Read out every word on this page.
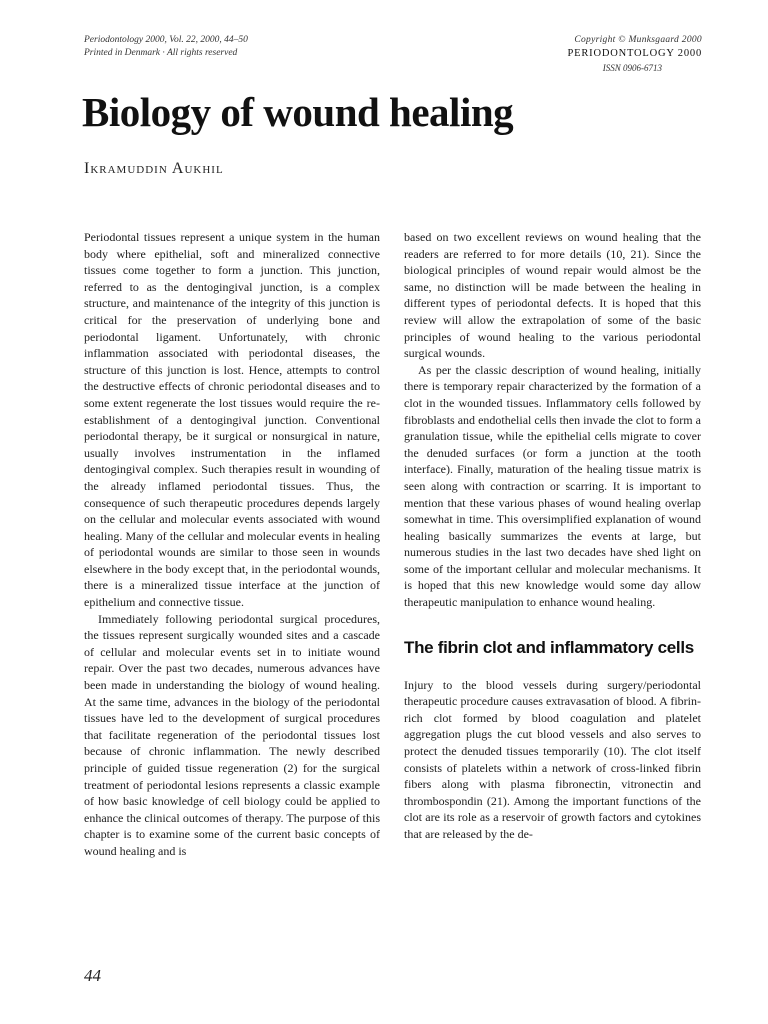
Periodontology 2000, Vol. 22, 2000, 44–50
Printed in Denmark · All rights reserved
Copyright © Munksgaard 2000
PERIODONTOLOGY 2000
ISSN 0906-6713
Biology of wound healing
Ikramuddin Aukhil

Periodontal tissues represent a unique system in the human body where epithelial, soft and mineralized connective tissues come together to form a junction. This junction, referred to as the dentogingival junction, is a complex structure, and maintenance of the integrity of this junction is critical for the preservation of underlying bone and periodontal ligament. Unfortunately, with chronic inflammation associated with periodontal diseases, the structure of this junction is lost. Hence, attempts to control the destructive effects of chronic periodontal diseases and to some extent regenerate the lost tissues would require the re-establishment of a dentogingival junction. Conventional periodontal therapy, be it surgical or nonsurgical in nature, usually involves instrumentation in the inflamed dentogingival complex. Such therapies result in wounding of the already inflamed periodontal tissues. Thus, the consequence of such therapeutic procedures depends largely on the cellular and molecular events associated with wound healing. Many of the cellular and molecular events in healing of periodontal wounds are similar to those seen in wounds elsewhere in the body except that, in the periodontal wounds, there is a mineralized tissue interface at the junction of epithelium and connective tissue.

Immediately following periodontal surgical procedures, the tissues represent surgically wounded sites and a cascade of cellular and molecular events set in to initiate wound repair. Over the past two decades, numerous advances have been made in understanding the biology of wound healing. At the same time, advances in the biology of the periodontal tissues have led to the development of surgical procedures that facilitate regeneration of the periodontal tissues lost because of chronic inflammation. The newly described principle of guided tissue regeneration (2) for the surgical treatment of periodontal lesions represents a classic example of how basic knowledge of cell biology could be applied to enhance the clinical outcomes of therapy. The purpose of this chapter is to examine some of the current basic concepts of wound healing and is

based on two excellent reviews on wound healing that the readers are referred to for more details (10, 21). Since the biological principles of wound repair would almost be the same, no distinction will be made between the healing in different types of periodontal defects. It is hoped that this review will allow the extrapolation of some of the basic principles of wound healing to the various periodontal surgical wounds.

As per the classic description of wound healing, initially there is temporary repair characterized by the formation of a clot in the wounded tissues. Inflammatory cells followed by fibroblasts and endothelial cells then invade the clot to form a granulation tissue, while the epithelial cells migrate to cover the denuded surfaces (or form a junction at the tooth interface). Finally, maturation of the healing tissue matrix is seen along with contraction or scarring. It is important to mention that these various phases of wound healing overlap somewhat in time. This oversimplified explanation of wound healing basically summarizes the events at large, but numerous studies in the last two decades have shed light on some of the important cellular and molecular mechanisms. It is hoped that this new knowledge would some day allow therapeutic manipulation to enhance wound healing.

The fibrin clot and inflammatory cells

Injury to the blood vessels during surgery/periodontal therapeutic procedure causes extravasation of blood. A fibrin-rich clot formed by blood coagulation and platelet aggregation plugs the cut blood vessels and also serves to protect the denuded tissues temporarily (10). The clot itself consists of platelets within a network of cross-linked fibrin fibers along with plasma fibronectin, vitronectin and thrombospondin (21). Among the important functions of the clot are its role as a reservoir of growth factors and cytokines that are released by the de-

44
